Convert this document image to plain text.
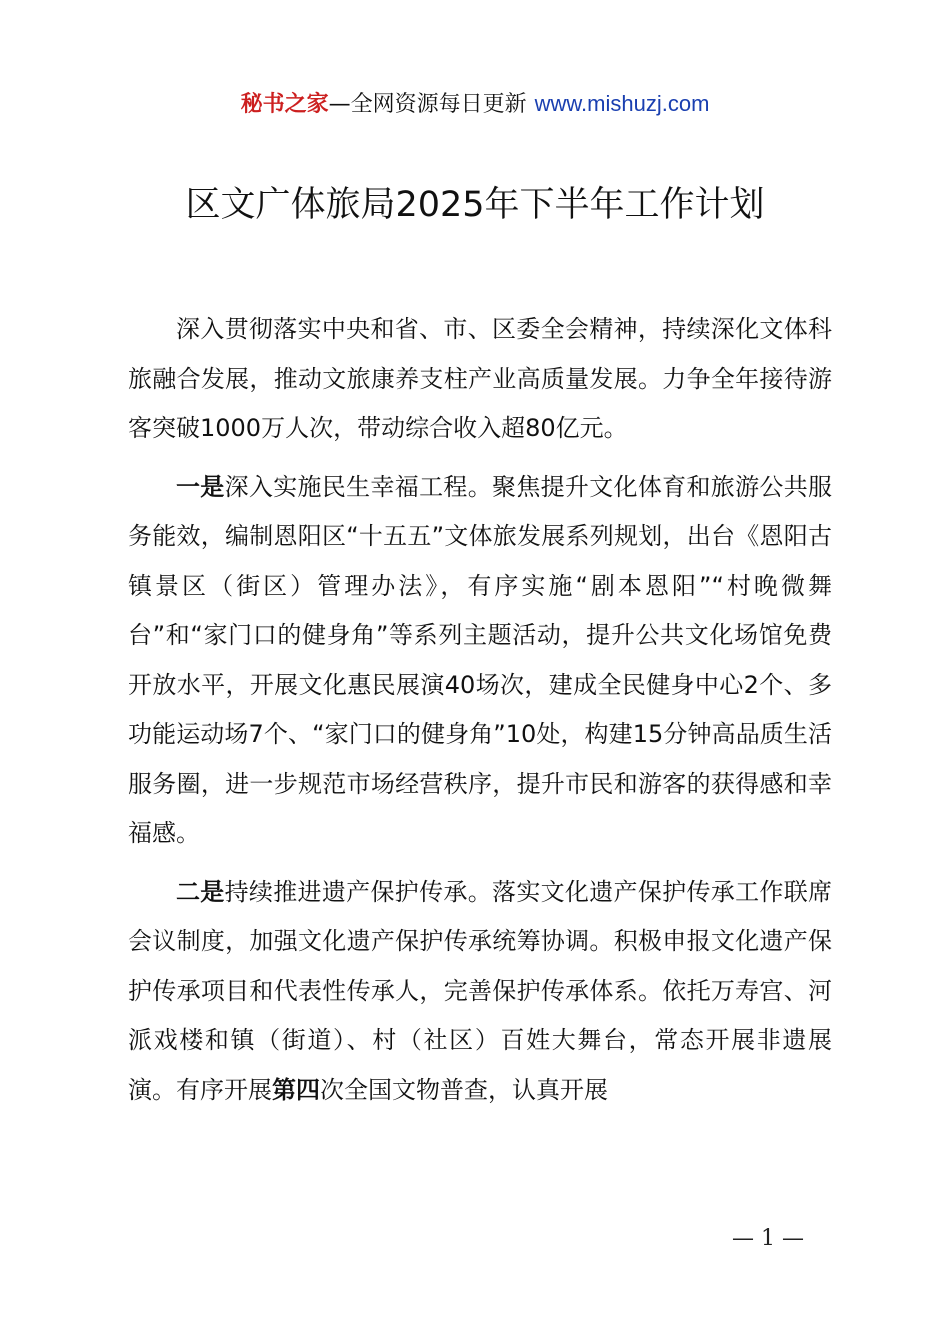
秘书之家—全网资源每日更新 www.mishuzj.com
区文广体旅局2025年下半年工作计划

深入贯彻落实中央和省、市、区委全会精神，持续深化文体科旅融合发展，推动文旅康养支柱产业高质量发展。力争全年接待游客突破1000万人次，带动综合收入超80亿元。

一是深入实施民生幸福工程。聚焦提升文化体育和旅游公共服务能效，编制恩阳区“十五五”文体旅发展系列规划，出台《恩阳古镇景区（街区）管理办法》，有序实施“剧本恩阳”“村晚微舞台”和“家门口的健身角”等系列主题活动，提升公共文化场馆免费开放水平，开展文化惠民展演40场次，建成全民健身中心2个、多功能运动场7个、“家门口的健身角”10处，构建15分钟高品质生活服务圈，进一步规范市场经营秩序，提升市民和游客的获得感和幸福感。

二是持续推进遗产保护传承。落实文化遗产保护传承工作联席会议制度，加强文化遗产保护传承统筹协调。积极申报文化遗产保护传承项目和代表性传承人，完善保护传承体系。依托万寿宫、河派戏楼和镇（街道）、村（社区）百姓大舞台，常态开展非遗展演。有序开展第四次全国文物普查，认真开展

— 1 —
